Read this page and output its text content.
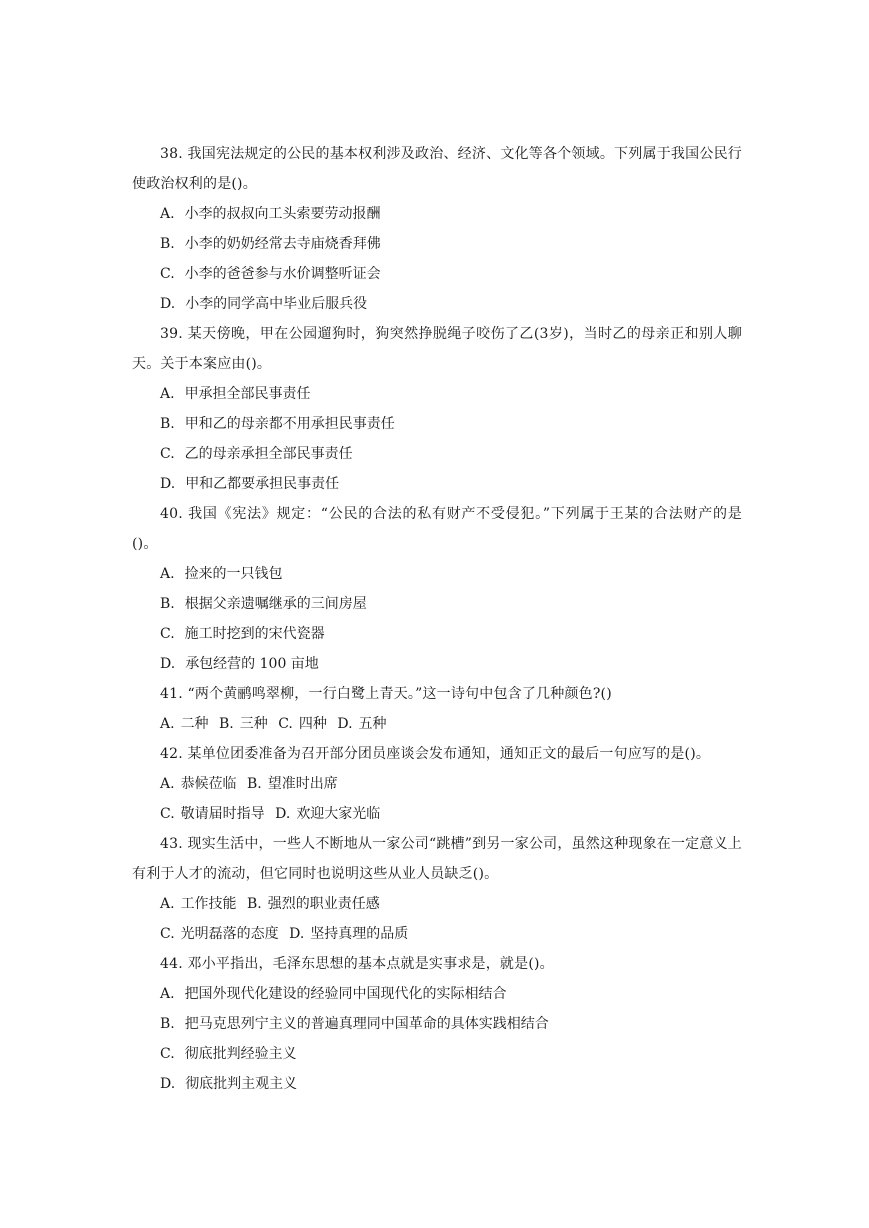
38. 我国宪法规定的公民的基本权利涉及政治、经济、文化等各个领域。下列属于我国公民行使政治权利的是()。

A. 小李的叔叔向工头索要劳动报酬

B. 小李的奶奶经常去寺庙烧香拜佛

C. 小李的爸爸参与水价调整听证会

D. 小李的同学高中毕业后服兵役

39. 某天傍晚，甲在公园遛狗时，狗突然挣脱绳子咬伤了乙(3岁)，当时乙的母亲正和别人聊天。关于本案应由()。

A. 甲承担全部民事责任

B. 甲和乙的母亲都不用承担民事责任

C. 乙的母亲承担全部民事责任

D. 甲和乙都要承担民事责任

40. 我国《宪法》规定：“公民的合法的私有财产不受侵犯。”下列属于王某的合法财产的是()。

A. 捡来的一只钱包

B. 根据父亲遗嘱继承的三间房屋

C. 施工时挖到的宋代瓷器

D. 承包经营的 100 亩地

41. “两个黄鹂鸣翠柳，一行白鹭上青天。”这一诗句中包含了几种颜色?()

A. 二种 B. 三种 C. 四种 D. 五种

42. 某单位团委准备为召开部分团员座谈会发布通知，通知正文的最后一句应写的是()。

A. 恭候莅临 B. 望准时出席

C. 敬请届时指导 D. 欢迎大家光临

43. 现实生活中，一些人不断地从一家公司“跳槽”到另一家公司，虽然这种现象在一定意义上有利于人才的流动，但它同时也说明这些从业人员缺乏()。

A. 工作技能 B. 强烈的职业责任感

C. 光明磊落的态度 D. 坚持真理的品质

44. 邓小平指出，毛泽东思想的基本点就是实事求是，就是()。

A. 把国外现代化建设的经验同中国现代化的实际相结合

B. 把马克思列宁主义的普遍真理同中国革命的具体实践相结合

C. 彻底批判经验主义

D. 彻底批判主观主义
